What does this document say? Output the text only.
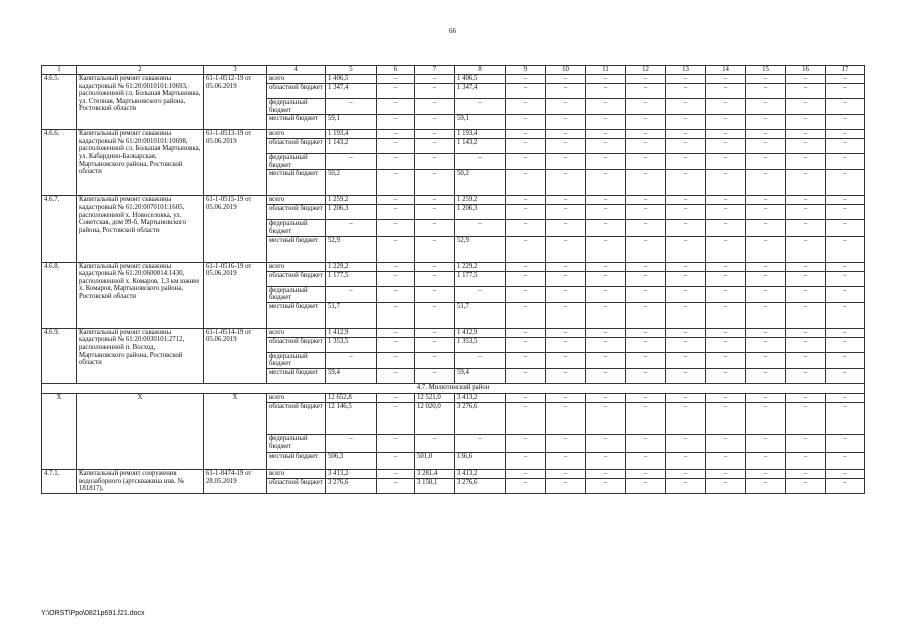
66
1	2	3	4	5	6	7	8	9	10	11	12	13	14	15	16	17
4.6.5.	Капитальный ремонт скважины кадастровый № 61:20:0010101:10693, расположенной сл. Большая Мартыновка, ул. Степная, Мартыновского района, Ростовской области	61-1-0512-19 от 05.06.2019	всего	1 406,5	–	–	1 406,5	–	–	–	–	–	–	–	–	–
			областной бюджет	1 347,4	–	–	1 347,4	–	–	–	–	–	–	–	–	–
			федеральный бюджет	–	–	–	–	–	–	–	–	–	–	–	–	–
			местный бюджет	59,1	–	–	59,1	–	–	–	–	–	–	–	–	–
4.6.6.	Капитальный ремонт скважины кадастровый № 61:20:0010101:10698, расположенной сл. Большая Мартыновка, ул. Кабардино-Балкарская, Мартыновского района, Ростовской области	61-1-0513-19 от 05.06.2019	всего	1 193,4	–	–	1 193,4	–	–	–	–	–	–	–	–	–
			областной бюджет	1 143,2	–	–	1 143,2	–	–	–	–	–	–	–	–	–
			федеральный бюджет	–	–	–	–	–	–	–	–	–	–	–	–	–
			местный бюджет	50,2	–	–	50,2	–	–	–	–	–	–	–	–	–
4.6.7.	Капитальный ремонт скважины кадастровый № 61:20:0070101:1605, расположенной х. Новоселовка, ул. Советская, дом 99-б, Мартыновского района, Ростовской области	61-1-0515-19 от 05.06.2019	всего	1 259,2	–	–	1 259,2	–	–	–	–	–	–	–	–	–
			областной бюджет	1 206,3	–	–	1 206,3	–	–	–	–	–	–	–	–	–
			федеральный бюджет	–	–	–	–	–	–	–	–	–	–	–	–	–
			местный бюджет	52,9	–	–	52,9	–	–	–	–	–	–	–	–	–
4.6.8.	Капитальный ремонт скважины кадастровый № 61:20:0600014:1430, расположенной х. Комаров, 1,3 км южнее х. Комаров, Мартыновского района, Ростовской области	61-1-0516-19 от 05.06.2019	всего	1 229,2	–	–	1 229,2	–	–	–	–	–	–	–	–	–
			областной бюджет	1 177,5	–	–	1 177,5	–	–	–	–	–	–	–	–	–
			федеральный бюджет	–	–	–	–	–	–	–	–	–	–	–	–	–
			местный бюджет	51,7	–	–	51,7	–	–	–	–	–	–	–	–	–
4.6.9.	Капитальный ремонт скважины кадастровый № 61:20:0030101:2712, расположенной п. Восход, Мартыновского района, Ростовской области	61-1-0514-19 от 05.06.2019	всего	1 412,9	–	–	1 412,9	–	–	–	–	–	–	–	–	–
			областной бюджет	1 353,5	–	–	1 353,5	–	–	–	–	–	–	–	–	–
			федеральный бюджет	–	–	–	–	–	–	–	–	–	–	–	–	–
			местный бюджет	59,4	–	–	59,4	–	–	–	–	–	–	–	–	–
4.7. Милютинский район																
Х	Х	Х	всего	12 652,8	–	12 521,0	3 413,2	–	–	–	–	–	–	–	–	–
			областной бюджет	12 146,5	–	12 020,0	3 276,6	–	–	–	–	–	–	–	–	–
			федеральный бюджет	–	–	–	–	–	–	–	–	–	–	–	–	–
			местный бюджет	506,3	–	501,0	136,6	–	–	–	–	–	–	–	–	–
4.7.1.	Капитальный ремонт сооружения водозаборного (артскважина инв. № 181817),	61-1-0474-19 от 28.05.2019	всего	3 413,2	–	3 281,4	3 413,2	–	–	–	–	–	–	–	–	–
			областной бюджет	3 276,6	–	3 150,1	3 276,6	–	–	–	–	–	–	–	–	–
Y:\ORST\Ppo\0821p691.f21.docx
